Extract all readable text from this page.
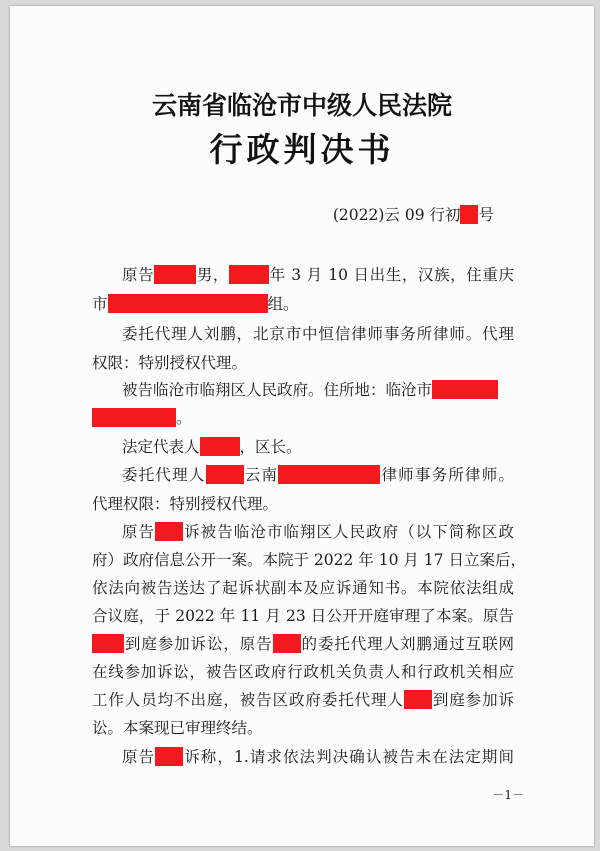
云南省临沧市中级人民法院
行政判决书
(2022)云 09 行初 号
原告	男，	年 3 月 10 日出生，汉族，住重庆
市	组。
委托代理人刘鹏，北京市中恒信律师事务所律师。代理
权限：特别授权代理。
被告临沧市临翔区人民政府。住所地：临沧市
。
法定代表人	，区长。
委托代理人 云南	律师事务所律师。
代理权限：特别授权代理。
原告 诉被告临沧市临翔区人民政府（以下简称区政
府）政府信息公开一案。本院于 2022 年 10 月 17 日立案后，
依法向被告送达了起诉状副本及应诉通知书。本院依法组成
合议庭，于 2022 年 11 月 23 日公开开庭审理了本案。原告
到庭参加诉讼，原告 的委托代理人刘鹏通过互联网
在线参加诉讼，被告区政府行政机关负责人和行政机关相应
工作人员均不出庭，被告区政府委托代理人 到庭参加诉
讼。本案现已审理终结。
原告 诉称，1.请求依法判决确认被告未在法定期间
－1－
